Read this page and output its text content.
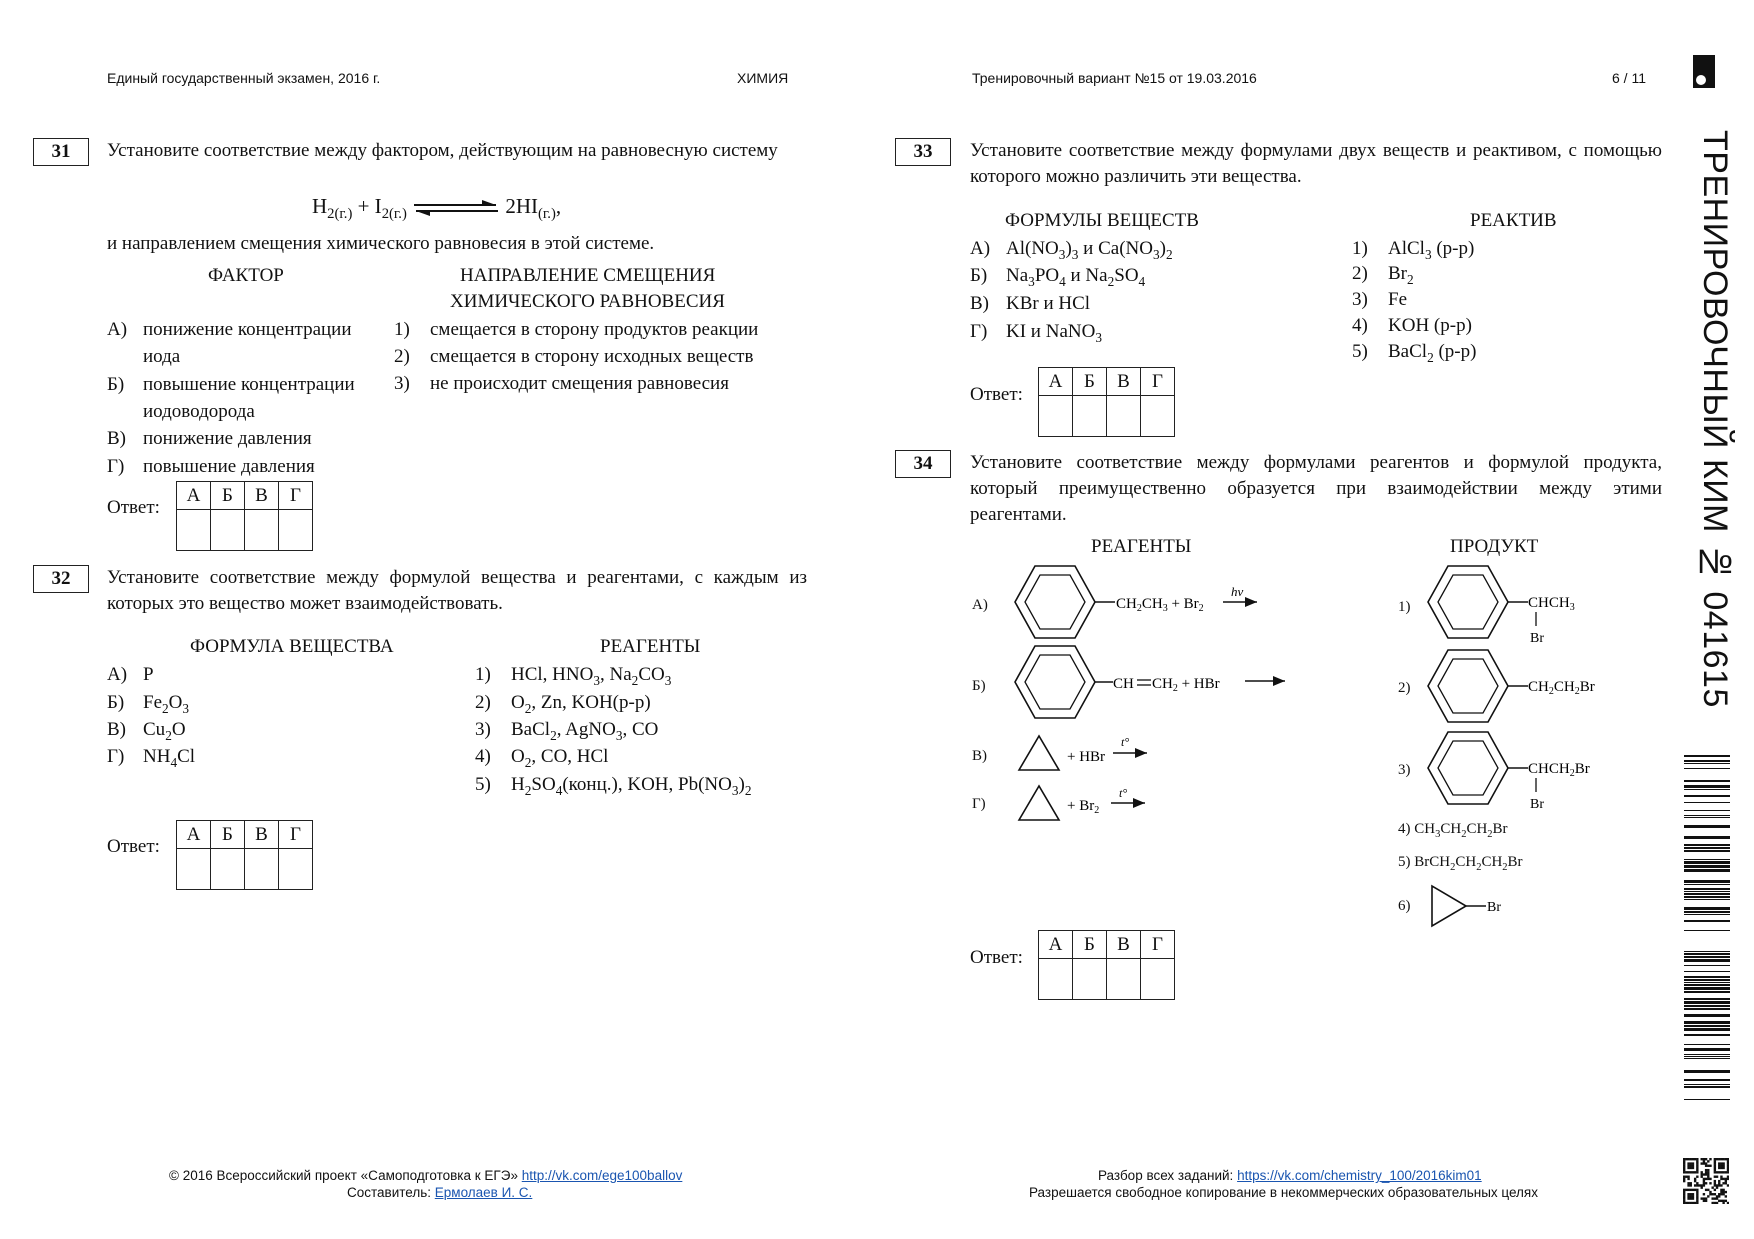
Единый государственный экзамен, 2016 г.	ХИМИЯ	Тренировочный вариант №15 от 19.03.2016	6 / 11
ТРЕНИРОВОЧНЫЙ КИМ № 041615
31	Установите соответствие между фактором, действующим на равновесную систему
$H_{2(г.)} + I_{2(г.)}$	$2HI_{(г.)}$,
и направлением смещения химического равновесия в этой системе.
ФАКТОР	НАПРАВЛЕНИЕ СМЕЩЕНИЯ
ХИМИЧЕСКОГО РАВНОВЕСИЯ
А) понижение концентрации
иода
Б) повышение концентрации
иодоводорода
В) понижение давления
Г) повышение давления
1) смещается в сторону продуктов реакции
2) смещается в сторону исходных веществ
3) не происходит смещения равновесия
Ответ:
А	Б	В	Г

32	Установите соответствие между формулой вещества и реагентами, с каждым из которых это вещество может взаимодействовать.
ФОРМУЛА ВЕЩЕСТВА	РЕАГЕНТЫ
А) P
Б) $Fe_2O_3$
В) $Cu_2O$
Г) $NH_4Cl$
1) HCl, $HNO_3$, $Na_2CO_3$
2) $O_2$, Zn, KOH(р-р)
3) BaCl$_2$, AgNO$_3$, CO
4) $O_2$, CO, HCl
5) $H_2SO_4(конц.)$, KOH, $Pb(NO_3)_2$
Ответ:
А	Б	В	Г

33	Установите соответствие между формулами двух веществ и реактивом, с помощью которого можно различить эти вещества.
ФОРМУЛЫ ВЕЩЕСТВ	РЕАКТИВ
А) $Al(NO_3)_3$ и $Ca(NO_3)_2$
Б) $Na_3PO_4$ и $Na_2SO_4$
В) KBr и HCl
Г) KI и NaNO$_3$
1) AlCl$_3$ (р-р)
2) $Br_2$
3) Fe
4) KOH (р-р)
5) BaCl$_2$ (р-р)
Ответ:
А	Б	В	Г

34	Установите соответствие между формулами реагентов и формулой продукта, который преимущественно образуется при взаимодействии между этими реагентами.
РЕАГЕНТЫ	ПРОДУКТ
А)
Б)
В)
Г)
$CH_2CH_3 + Br_2$
hν
CH $CH_2$ + HBr
+ HBr
t°
+ $Br_2$
t°
1)
2)
3)
4) $CH_3CH_2CH_2Br$
5) $BrCH_2CH_2CH_2Br$
6)
$CHCH_3$
Br
$CH_2CH_2Br$
$CHCH_2Br$
Br
Br
Ответ:
А	Б	В	Г

© 2016 Всероссийский проект «Самоподготовка к ЕГЭ» http://vk.com/ege100ballov
Составитель: Ермолаев И. С.
Разбор всех заданий: https://vk.com/chemistry_100/2016kim01
Разрешается свободное копирование в некоммерческих образовательных целях
